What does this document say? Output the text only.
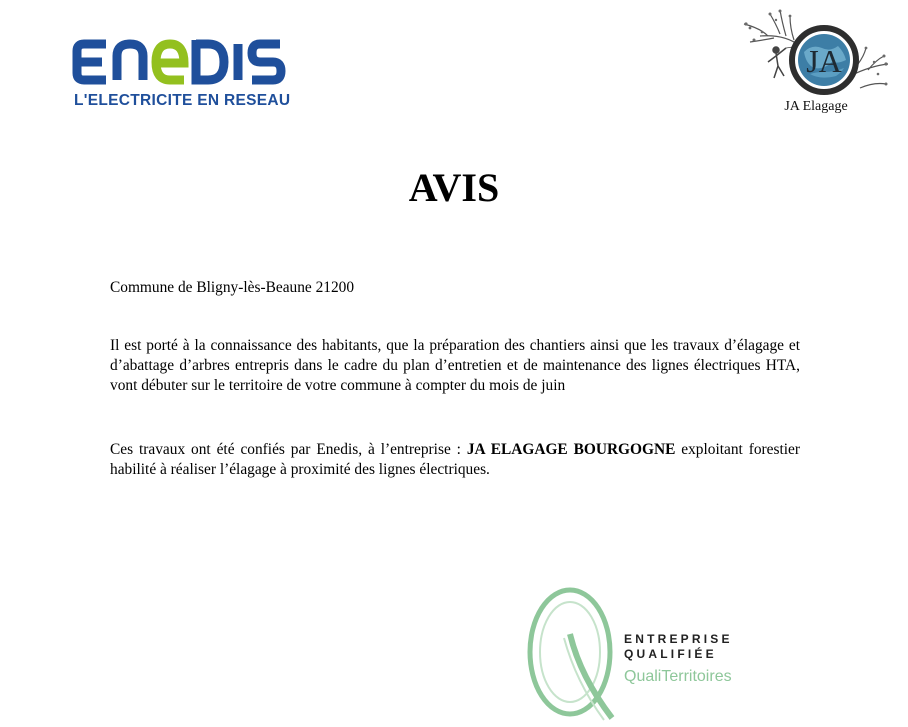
L'ELECTRICITE EN RESEAU
JA
JA Elagage
AVIS
Commune de Bligny-lès-Beaune 21200
Il est porté à la connaissance des habitants, que la préparation des chantiers ainsi que les travaux d’élagage et d’abattage d’arbres entrepris dans le cadre du plan d’entretien et de maintenance des lignes électriques HTA, vont débuter sur le territoire de votre commune à compter du mois de juin
Ces travaux ont été confiés par Enedis, à l’entreprise : JA ELAGAGE BOURGOGNE exploitant forestier habilité à réaliser l’élagage à proximité des lignes électriques.
ENTREPRISE
QUALIFIÉE
QualiTerritoires
